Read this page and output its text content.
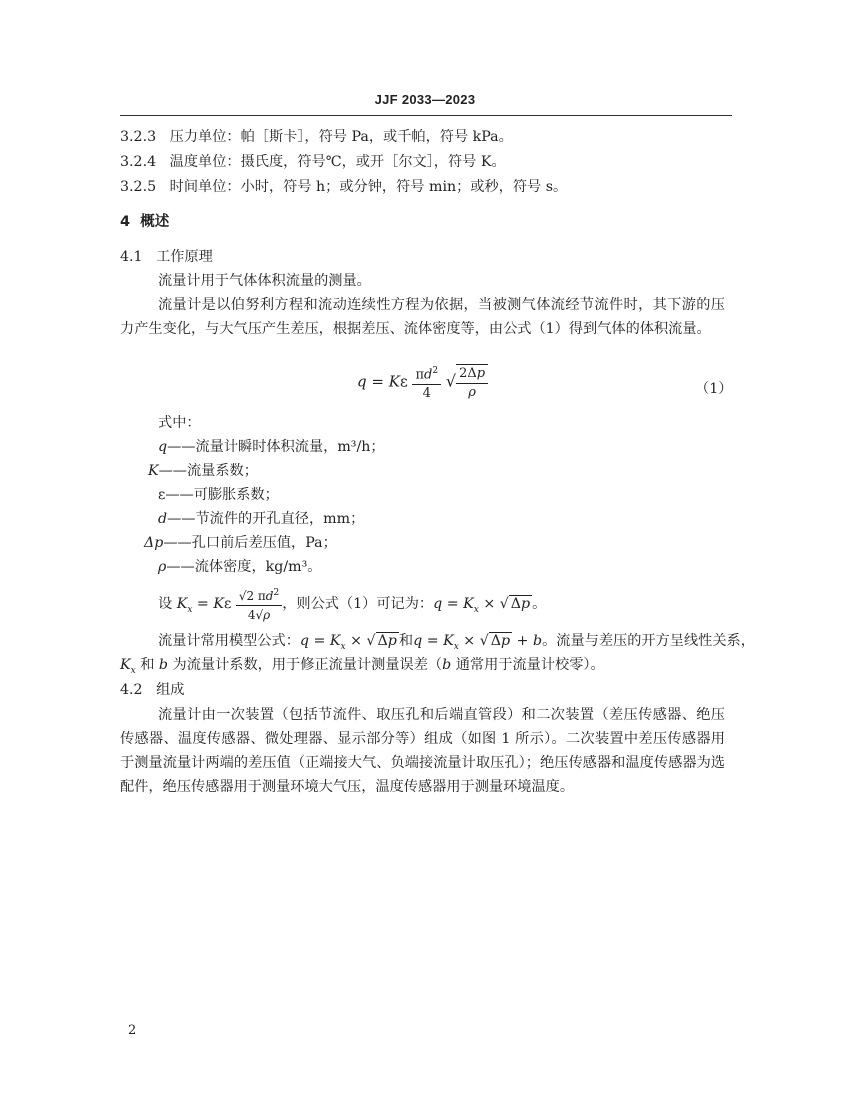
JJF 2033—2023
3.2.3 压力单位：帕［斯卡］，符号 Pa，或千帕，符号 kPa。
3.2.4 温度单位：摄氏度，符号℃，或开［尔文］，符号 K。
3.2.5 时间单位：小时，符号 h；或分钟，符号 min；或秒，符号 s。
4 概述
4.1 工作原理
流量计用于气体体积流量的测量。
流量计是以伯努利方程和流动连续性方程为依据，当被测气体流经节流件时，其下游的压力产生变化，与大气压产生差压，根据差压、流体密度等，由公式（1）得到气体的体积流量。
q = Kε $\frac{\pi d^2}{4}$ √ $\frac{2\Delta p}{\rho}$	（1）
式中：
q——流量计瞬时体积流量，m³/h；
K——流量系数；
ε——可膨胀系数；
d——节流件的开孔直径，mm；
Δp——孔口前后差压值，Pa；
ρ——流体密度，kg/m³。
设 $K_x = K\varepsilon \frac{√2 \pi d^2}{4√\rho}$ ，则公式（1）可记为：$q = K_x$ × √ Δp 。
流量计常用模型公式：$q = K_x$ × √ Δp 和$q = K_x$ × √ Δp + b。流量与差压的开方呈线性关系，
$K_x$ 和 b 为流量计系数，用于修正流量计测量误差（b 通常用于流量计校零）。
4.2 组成
流量计由一次装置（包括节流件、取压孔和后端直管段）和二次装置（差压传感器、绝压传感器、温度传感器、微处理器、显示部分等）组成（如图 1 所示）。二次装置中差压传感器用于测量流量计两端的差压值（正端接大气、负端接流量计取压孔）；绝压传感器和温度传感器为选配件，绝压传感器用于测量环境大气压，温度传感器用于测量环境温度。
2
